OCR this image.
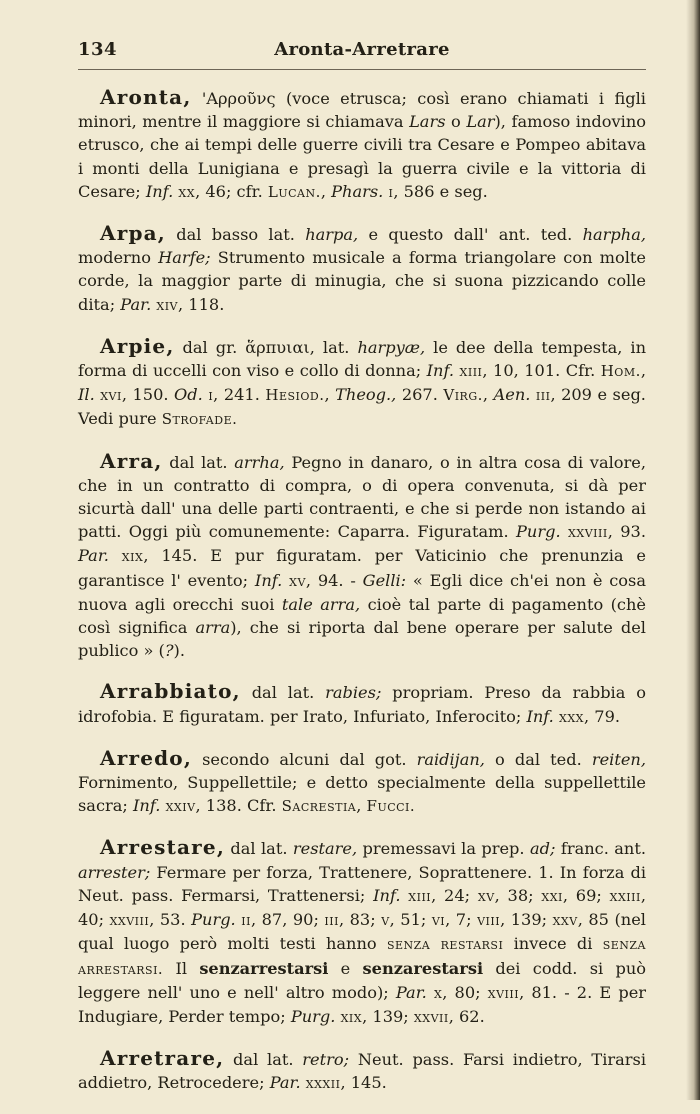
134	Aronta-Arretrare

Aronta, 'Αρροῦνς (voce etrusca; così erano chiamati i figli minori, mentre il maggiore si chiamava Lars o Lar), famoso indovino etrusco, che ai tempi delle guerre civili tra Cesare e Pompeo abitava i monti della Lunigiana e presagì la guerra civile e la vittoria di Cesare; Inf. xx, 46; cfr. Lucan., Phars. i, 586 e seg.

Arpa, dal basso lat. harpa, e questo dall' ant. ted. harpha, moderno Harfe; Strumento musicale a forma triangolare con molte corde, la maggior parte di minugia, che si suona pizzicando colle dita; Par. xiv, 118.

Arpie, dal gr. ἅρπυιαι, lat. harpyæ, le dee della tempesta, in forma di uccelli con viso e collo di donna; Inf. xiii, 10, 101. Cfr. Hom., Il. xvi, 150. Od. i, 241. Hesiod., Theog., 267. Virg., Aen. iii, 209 e seg. Vedi pure Strofade.

Arra, dal lat. arrha, Pegno in danaro, o in altra cosa di valore, che in un contratto di compra, o di opera convenuta, si dà per sicurtà dall' una delle parti contraenti, e che si perde non istando ai patti. Oggi più comunemente: Caparra. Figuratam. Purg. xxviii, 93. Par. xix, 145. E pur figuratam. per Vaticinio che prenunzia e garantisce l' evento; Inf. xv, 94. - Gelli: « Egli dice ch'ei non è cosa nuova agli orecchi suoi tale arra, cioè tal parte di pagamento (chè così significa arra), che si riporta dal bene operare per salute del publico » (?).

Arrabbiato, dal lat. rabies; propriam. Preso da rabbia o idrofobia. E figuratam. per Irato, Infuriato, Inferocito; Inf. xxx, 79.

Arredo, secondo alcuni dal got. raidijan, o dal ted. reiten, Fornimento, Suppellettile; e detto specialmente della suppellettile sacra; Inf. xxiv, 138. Cfr. Sacrestia, Fucci.

Arrestare, dal lat. restare, premessavi la prep. ad; franc. ant. arrester; Fermare per forza, Trattenere, Soprattenere. 1. In forza di Neut. pass. Fermarsi, Trattenersi; Inf. xiii, 24; xv, 38; xxi, 69; xxiii, 40; xxviii, 53. Purg. ii, 87, 90; iii, 83; v, 51; vi, 7; viii, 139; xxv, 85 (nel qual luogo però molti testi hanno senza restarsi invece di senza arrestarsi. Il senzarrestarsi e senzarestarsi dei codd. si può leggere nell' uno e nell' altro modo); Par. x, 80; xviii, 81. - 2. E per Indugiare, Perder tempo; Purg. xix, 139; xxvii, 62.

Arretrare, dal lat. retro; Neut. pass. Farsi indietro, Tirarsi addietro, Retrocedere; Par. xxxii, 145.
